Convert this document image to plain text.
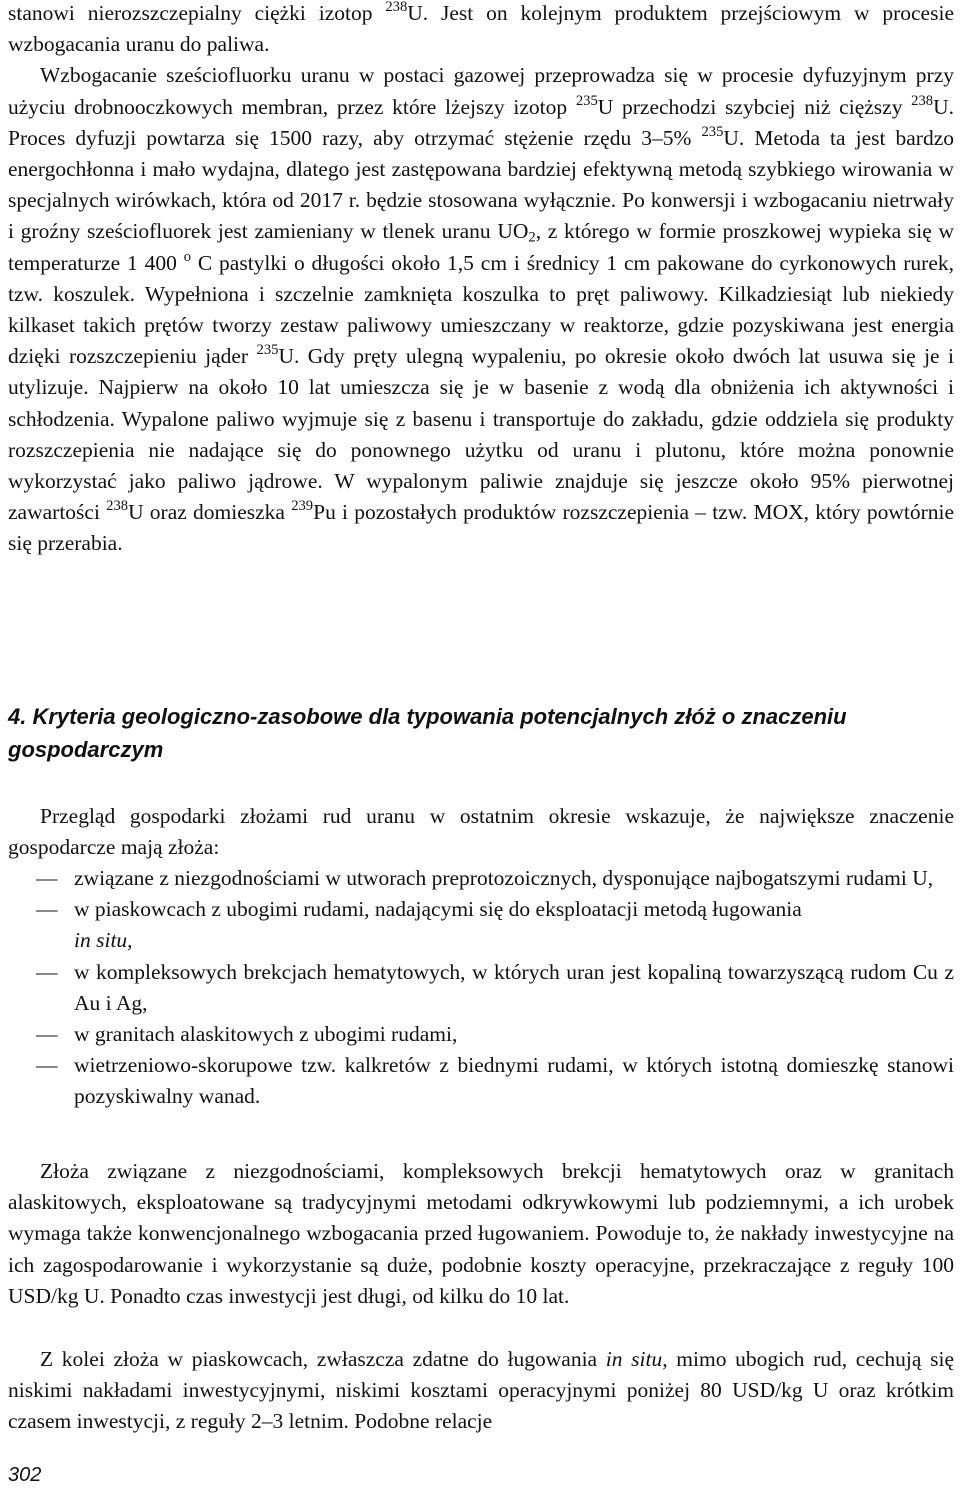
stanowi nierozszczepialny ciężki izotop $^{238}$U. Jest on kolejnym produktem przejściowym w procesie wzbogacania uranu do paliwa.
Wzbogacanie sześciofluorku uranu w postaci gazowej przeprowadza się w procesie dyfuzyjnym przy użyciu drobnooczkowych membran, przez które lżejszy izotop $^{235}$U przechodzi szybciej niż cięższy $^{238}$U. Proces dyfuzji powtarza się 1500 razy, aby otrzymać stężenie rzędu 3–5% $^{235}$U. Metoda ta jest bardzo energochłonna i mało wydajna, dlatego jest zastępowana bardziej efektywną metodą szybkiego wirowania w specjalnych wirówkach, która od 2017 r. będzie stosowana wyłącznie. Po konwersji i wzbogacaniu nietrwały i groźny sześciofluorek jest zamieniany w tlenek uranu $UO_2$, z którego w formie proszkowej wypieka się w temperaturze 1 400 $^o$ C pastylki o długości około 1,5 cm i średnicy 1 cm pakowane do cyrkonowych rurek, tzw. koszulek. Wypełniona i szczelnie zamknięta koszulka to pręt paliwowy. Kilkadziesiąt lub niekiedy kilkaset takich prętów tworzy zestaw paliwowy umieszczany w reaktorze, gdzie pozyskiwana jest energia dzięki rozszczepieniu jąder $^{235}$U. Gdy pręty ulegną wypaleniu, po okresie około dwóch lat usuwa się je i utylizuje. Najpierw na około 10 lat umieszcza się je w basenie z wodą dla obniżenia ich aktywności i schłodzenia. Wypalone paliwo wyjmuje się z basenu i transportuje do zakładu, gdzie oddziela się produkty rozszczepienia nie nadające się do ponownego użytku od uranu i plutonu, które można ponownie wykorzystać jako paliwo jądrowe. W wypalonym paliwie znajduje się jeszcze około 95% pierwotnej zawartości $^{238}$U oraz domieszka $^{239}$Pu i pozostałych produktów rozszczepienia – tzw. MOX, który powtórnie się przerabia.

4. Kryteria geologiczno-zasobowe dla typowania potencjalnych złóż o znaczeniu gospodarczym

Przegląd gospodarki złożami rud uranu w ostatnim okresie wskazuje, że największe znaczenie gospodarcze mają złoża:

— związane z niezgodnościami w utworach preprotozoicznych, dysponujące najbogatszymi rudami U,
— w piaskowcach z ubogimi rudami, nadającymi się do eksploatacji metodą ługowania
in situ,
— w kompleksowych brekcjach hematytowych, w których uran jest kopaliną towarzyszącą rudom Cu z Au i Ag,
— w granitach alaskitowych z ubogimi rudami,
— wietrzeniowo-skorupowe tzw. kalkretów z biednymi rudami, w których istotną domieszkę stanowi pozyskiwalny wanad.

Złoża związane z niezgodnościami, kompleksowych brekcji hematytowych oraz w granitach alaskitowych, eksploatowane są tradycyjnymi metodami odkrywkowymi lub podziemnymi, a ich urobek wymaga także konwencjonalnego wzbogacania przed ługowaniem. Powoduje to, że nakłady inwestycyjne na ich zagospodarowanie i wykorzystanie są duże, podobnie koszty operacyjne, przekraczające z reguły 100 USD/kg U. Ponadto czas inwestycji jest długi, od kilku do 10 lat.

Z kolei złoża w piaskowcach, zwłaszcza zdatne do ługowania in situ, mimo ubogich rud, cechują się niskimi nakładami inwestycyjnymi, niskimi kosztami operacyjnymi poniżej 80 USD/kg U oraz krótkim czasem inwestycji, z reguły 2–3 letnim. Podobne relacje

302
